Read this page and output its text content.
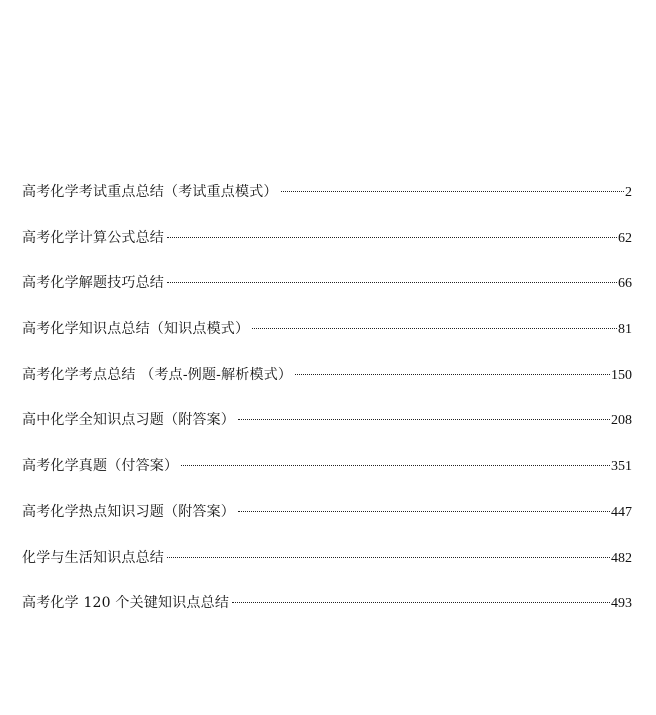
高考化学考试重点总结（考试重点模式）	2
高考化学计算公式总结	62
高考化学解题技巧总结	66
高考化学知识点总结（知识点模式）	81
高考化学考点总结 （考点-例题-解析模式）	150
高中化学全知识点习题（附答案）	208
高考化学真题（付答案）	351
高考化学热点知识习题（附答案）	447
化学与生活知识点总结	482
高考化学 120 个关键知识点总结	493
